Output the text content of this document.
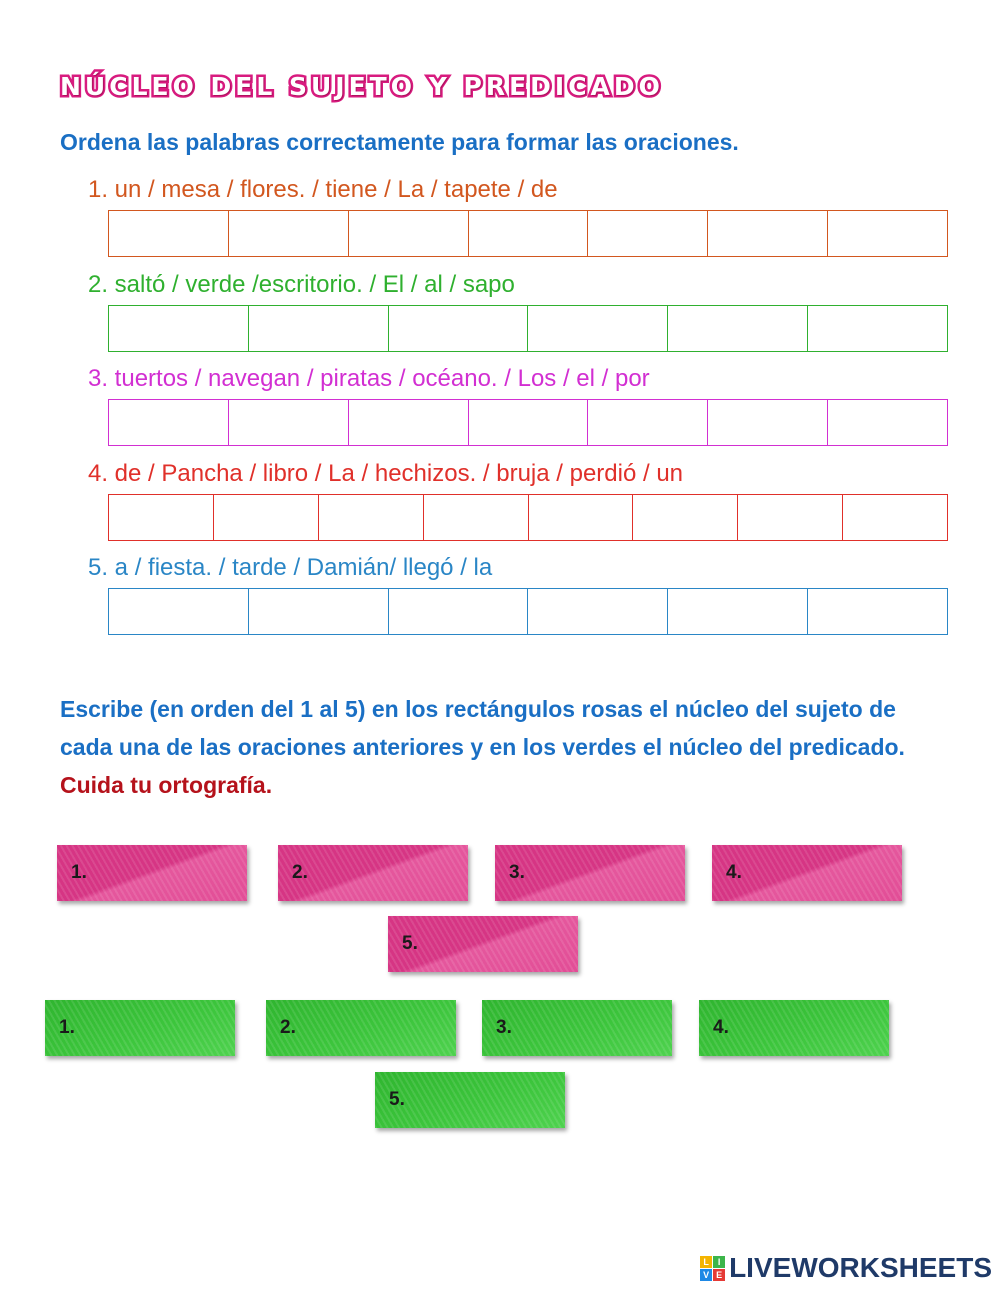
NÚCLEO DEL SUJETO Y PREDICADO
Ordena las palabras correctamente para formar las oraciones.
1. un / mesa / flores. / tiene / La / tapete / de
2. saltó / verde /escritorio. / El / al / sapo
3. tuertos / navegan / piratas / océano. / Los / el / por
4. de / Pancha / libro / La / hechizos. / bruja / perdió / un
5. a / fiesta. / tarde / Damián/ llegó / la
Escribe (en orden del 1 al 5) en los rectángulos rosas el núcleo del sujeto de cada una de las oraciones anteriores y en los verdes el núcleo del predicado. Cuida tu ortografía.
1.	2.	3.	4.
5.
1.	2.	3.	4.
5.
L I
V E LIVEWORKSHEETS
